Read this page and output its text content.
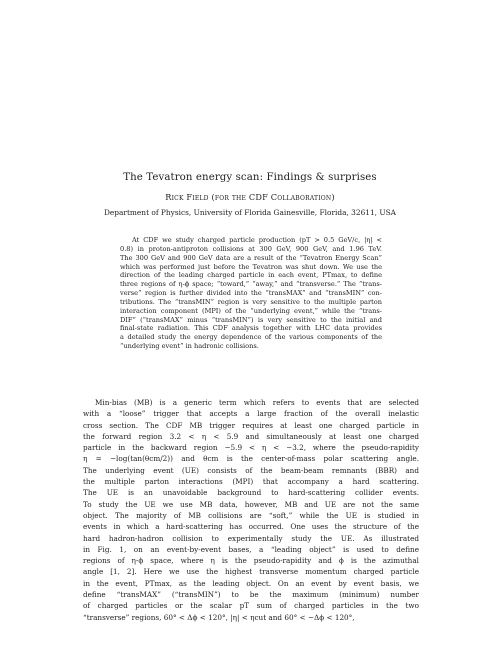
The Tevatron energy scan: Findings & surprises
Rick Field (for the CDF Collaboration)
Department of Physics, University of Florida Gainesville, Florida, 32611, USA
At CDF we study charged particle production (pT > 0.5 GeV/c, |η| <
0.8) in proton-antiproton collisions at 300 GeV, 900 GeV, and 1.96 TeV.
The 300 GeV and 900 GeV data are a result of the “Tevatron Energy Scan”
which was performed just before the Tevatron was shut down. We use the
direction of the leading charged particle in each event, PTmax, to define
three regions of η-ϕ space; “toward,” “away,” and “transverse.” The “trans-
verse” region is further divided into the “transMAX” and “transMIN” con-
tributions. The “transMIN” region is very sensitive to the multiple parton
interaction component (MPI) of the “underlying event,” while the “trans-
DIF” (“transMAX” minus “transMIN”) is very sensitive to the initial and
final-state radiation. This CDF analysis together with LHC data provides
a detailed study the energy dependence of the various components of the
“underlying event” in hadronic collisions.
Min-bias (MB) is a generic term which refers to events that are selected
with a “loose” trigger that accepts a large fraction of the overall inelastic
cross section. The CDF MB trigger requires at least one charged particle in
the forward region 3.2 < η < 5.9 and simultaneously at least one charged
particle in the backward region −5.9 < η < −3.2, where the pseudo-rapidity
η = −log(tan(θcm/2)) and θcm is the center-of-mass polar scattering angle.
The underlying event (UE) consists of the beam-beam remnants (BBR) and
the multiple parton interactions (MPI) that accompany a hard scattering.
The UE is an unavoidable background to hard-scattering collider events.
To study the UE we use MB data, however, MB and UE are not the same
object. The majority of MB collisions are “soft,” while the UE is studied in
events in which a hard-scattering has occurred. One uses the structure of the
hard hadron-hadron collision to experimentally study the UE. As illustrated
in Fig. 1, on an event-by-event bases, a “leading object” is used to define
regions of η-ϕ space, where η is the pseudo-rapidity and ϕ is the azimuthal
angle [1, 2]. Here we use the highest transverse momentum charged particle
in the event, PTmax, as the leading object. On an event by event basis, we
define “transMAX” (“transMIN”) to be the maximum (minimum) number
of charged particles or the scalar pT sum of charged particles in the two
“transverse” regions, 60° < Δϕ < 120°, |η| < ηcut and 60° < −Δϕ < 120°,
